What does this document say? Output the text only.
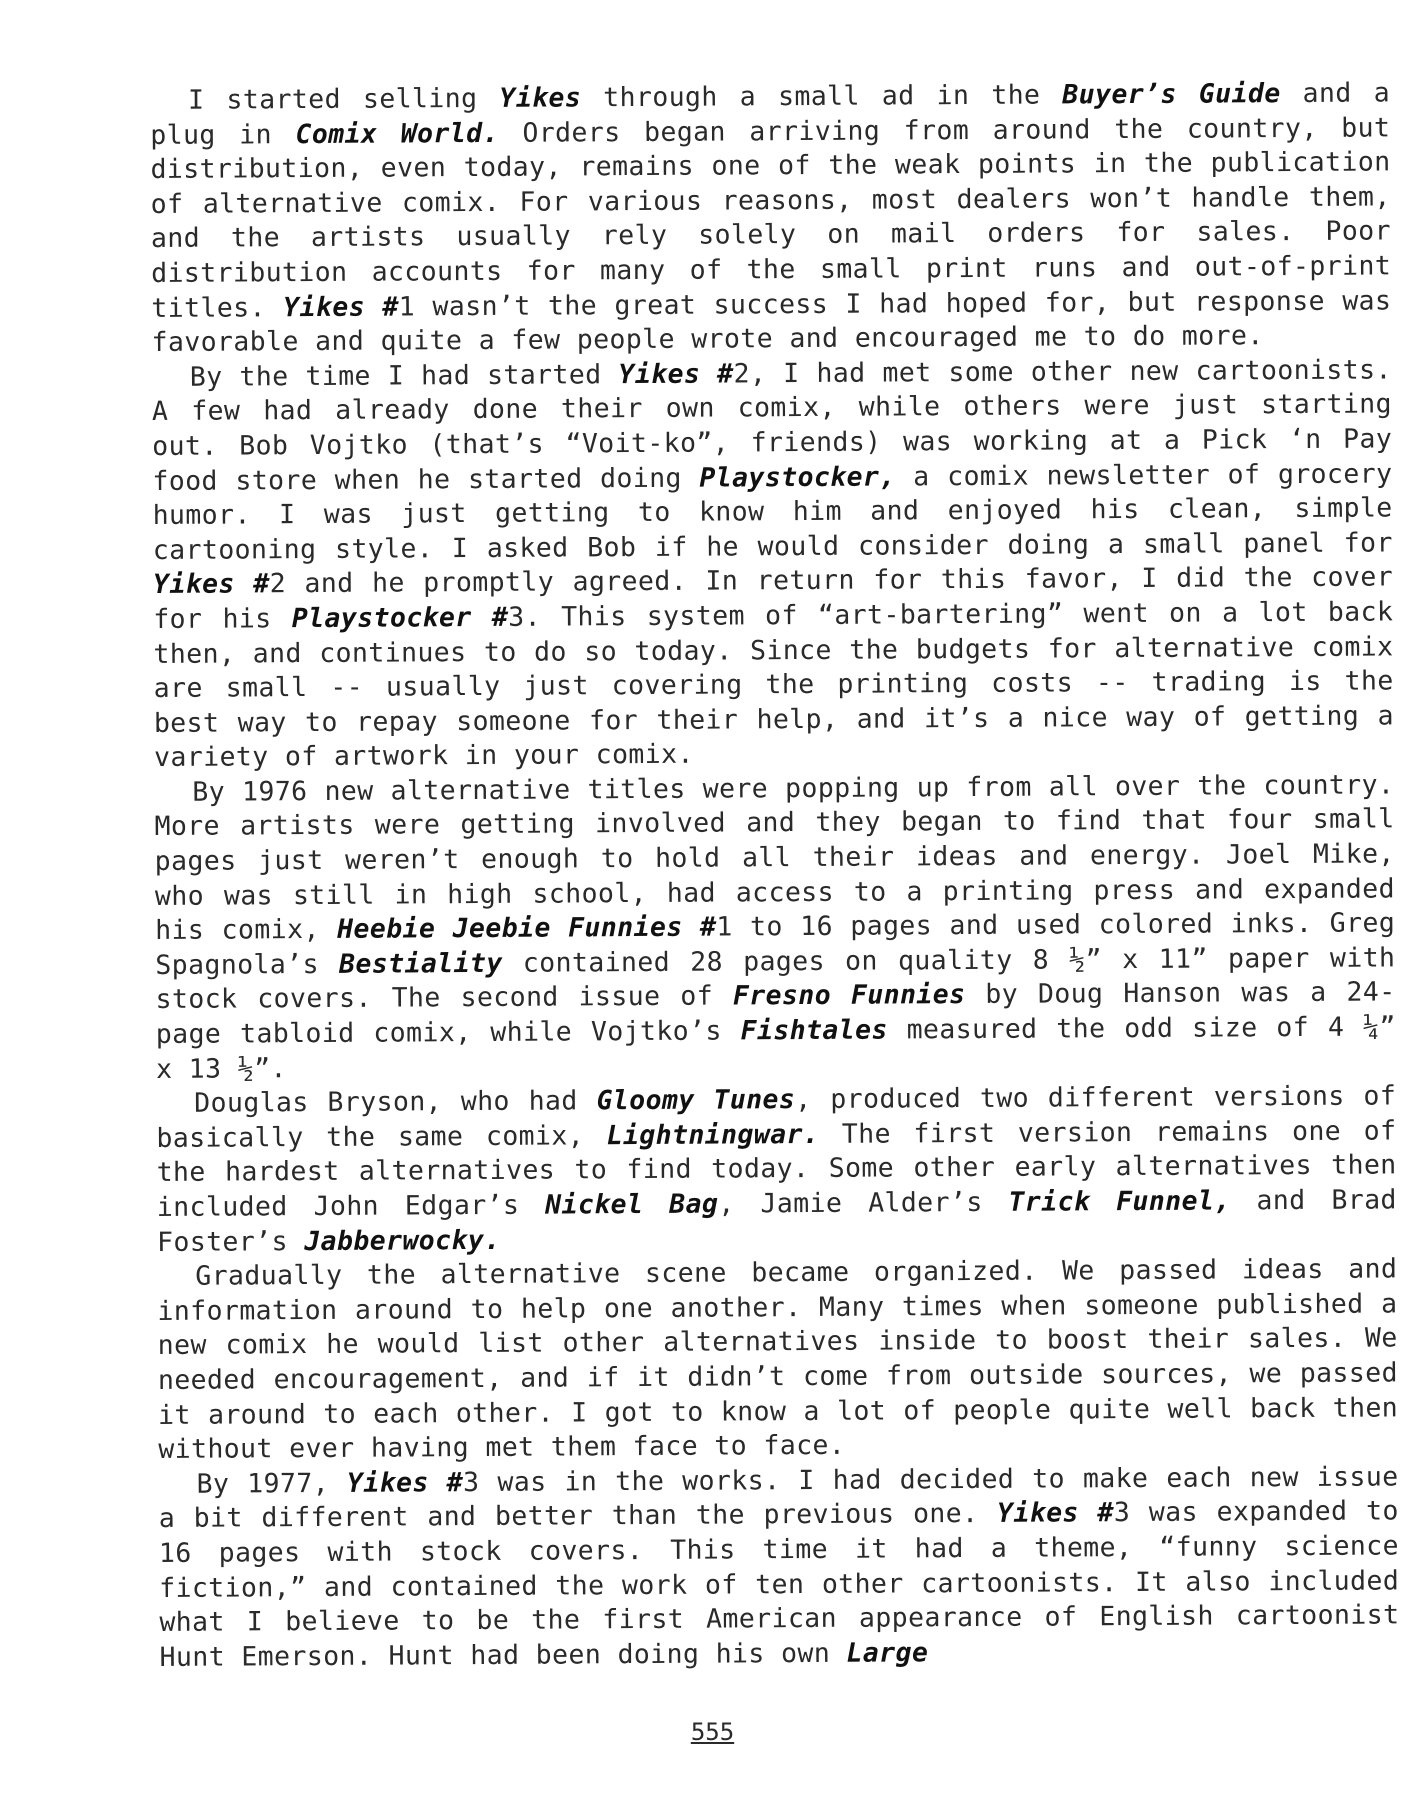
I started selling Yikes through a small ad in the Buyer’s Guide and a plug in Comix World. Orders began arriving from around the country, but distribution, even today, remains one of the weak points in the publication of alternative comix. For various reasons, most dealers won’t handle them, and the artists usually rely solely on mail orders for sales. Poor distribution accounts for many of the small print runs and out-of-print titles. Yikes #1 wasn’t the great success I had hoped for, but response was favorable and quite a few people wrote and encouraged me to do more.

By the time I had started Yikes #2, I had met some other new cartoonists. A few had already done their own comix, while others were just starting out. Bob Vojtko (that’s “Voit-ko”, friends) was working at a Pick ‘n Pay food store when he started doing Playstocker, a comix newsletter of grocery humor. I was just getting to know him and enjoyed his clean, simple cartooning style. I asked Bob if he would consider doing a small panel for Yikes #2 and he promptly agreed. In return for this favor, I did the cover for his Playstocker #3. This system of “art-bartering” went on a lot back then, and continues to do so today. Since the budgets for alternative comix are small -- usually just covering the printing costs -- trading is the best way to repay someone for their help, and it’s a nice way of getting a variety of artwork in your comix.

By 1976 new alternative titles were popping up from all over the country. More artists were getting involved and they began to find that four small pages just weren’t enough to hold all their ideas and energy. Joel Mike, who was still in high school, had access to a printing press and expanded his comix, Heebie Jeebie Funnies #1 to 16 pages and used colored inks. Greg Spagnola’s Bestiality contained 28 pages on quality 8 ½” x 11” paper with stock covers. The second issue of Fresno Funnies by Doug Hanson was a 24-page tabloid comix, while Vojtko’s Fishtales measured the odd size of 4 ¼” x 13 ½”.

Douglas Bryson, who had Gloomy Tunes, produced two different versions of basically the same comix, Lightningwar. The first version remains one of the hardest alternatives to find today. Some other early alternatives then included John Edgar’s Nickel Bag, Jamie Alder’s Trick Funnel, and Brad Foster’s Jabberwocky.

Gradually the alternative scene became organized. We passed ideas and information around to help one another. Many times when someone published a new comix he would list other alternatives inside to boost their sales. We needed encouragement, and if it didn’t come from outside sources, we passed it around to each other. I got to know a lot of people quite well back then without ever having met them face to face.

By 1977, Yikes #3 was in the works. I had decided to make each new issue a bit different and better than the previous one. Yikes #3 was expanded to 16 pages with stock covers. This time it had a theme, “funny science fiction,” and contained the work of ten other cartoonists. It also included what I believe to be the first American appearance of English cartoonist Hunt Emerson. Hunt had been doing his own Large

555
